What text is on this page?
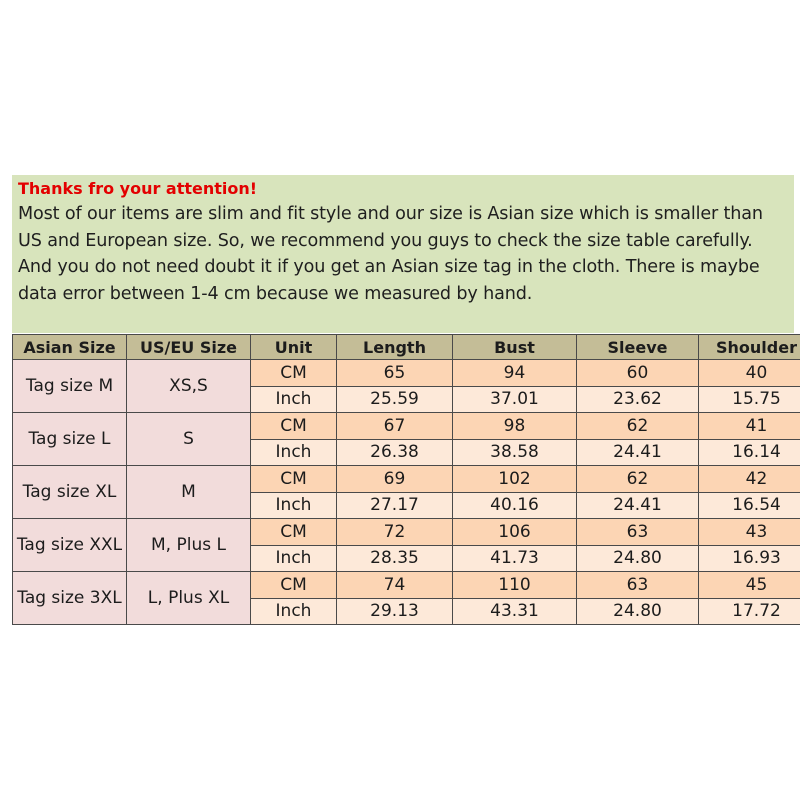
Thanks fro your attention!

Most of our items are slim and fit style and our size is Asian size which is smaller than US and European size. So, we recommend you guys to check the size table carefully. And you do not need doubt it if you get an Asian size tag in the cloth. There is maybe data error between 1-4 cm because we measured by hand.

Asian Size	US/EU Size	Unit	Length	Bust	Sleeve	Shoulder
Tag size M	XS,S	CM	65	94	60	40
		Inch	25.59	37.01	23.62	15.75
Tag size L	S	CM	67	98	62	41
		Inch	26.38	38.58	24.41	16.14
Tag size XL	M	CM	69	102	62	42
		Inch	27.17	40.16	24.41	16.54
Tag size XXL	M, Plus L	CM	72	106	63	43
		Inch	28.35	41.73	24.80	16.93
Tag size 3XL	L, Plus XL	CM	74	110	63	45
		Inch	29.13	43.31	24.80	17.72
